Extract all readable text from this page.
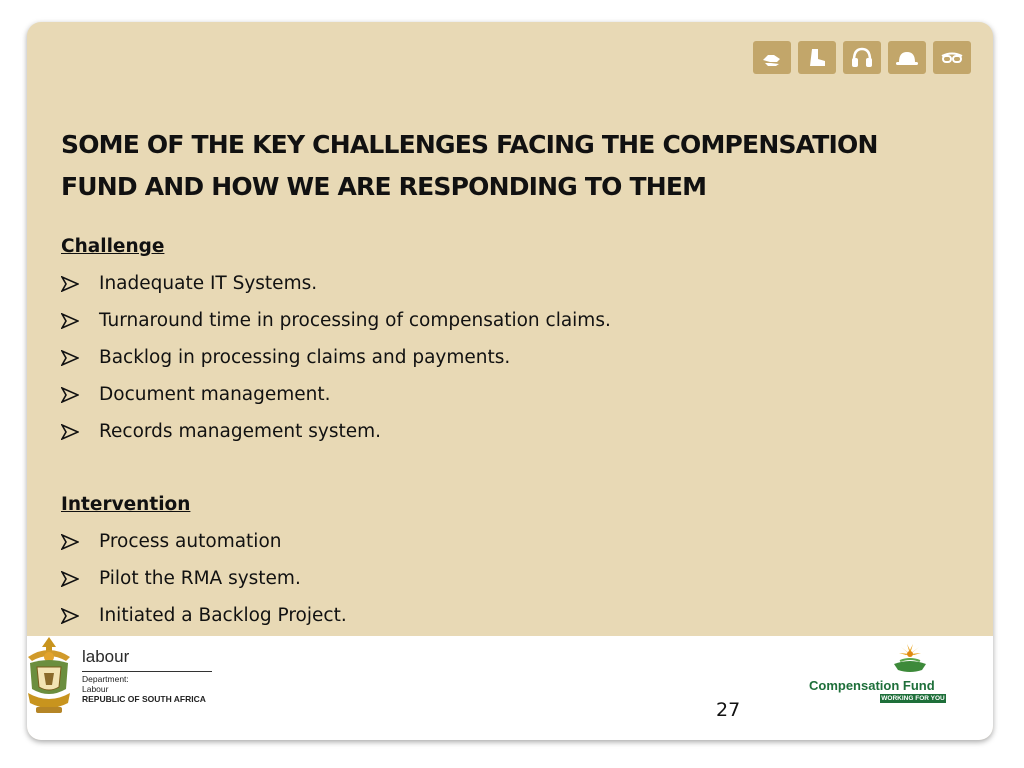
SOME OF THE KEY CHALLENGES FACING THE COMPENSATION FUND AND HOW WE ARE RESPONDING TO THEM
Challenge
Inadequate IT Systems.
Turnaround time in processing of compensation claims.
Backlog in processing claims and payments.
Document management.
Records management system.
Intervention
Process automation
Pilot the RMA system.
Initiated a Backlog Project.
labour
Department:
Labour
REPUBLIC OF SOUTH AFRICA
Compensation Fund
WORKING FOR YOU
27
